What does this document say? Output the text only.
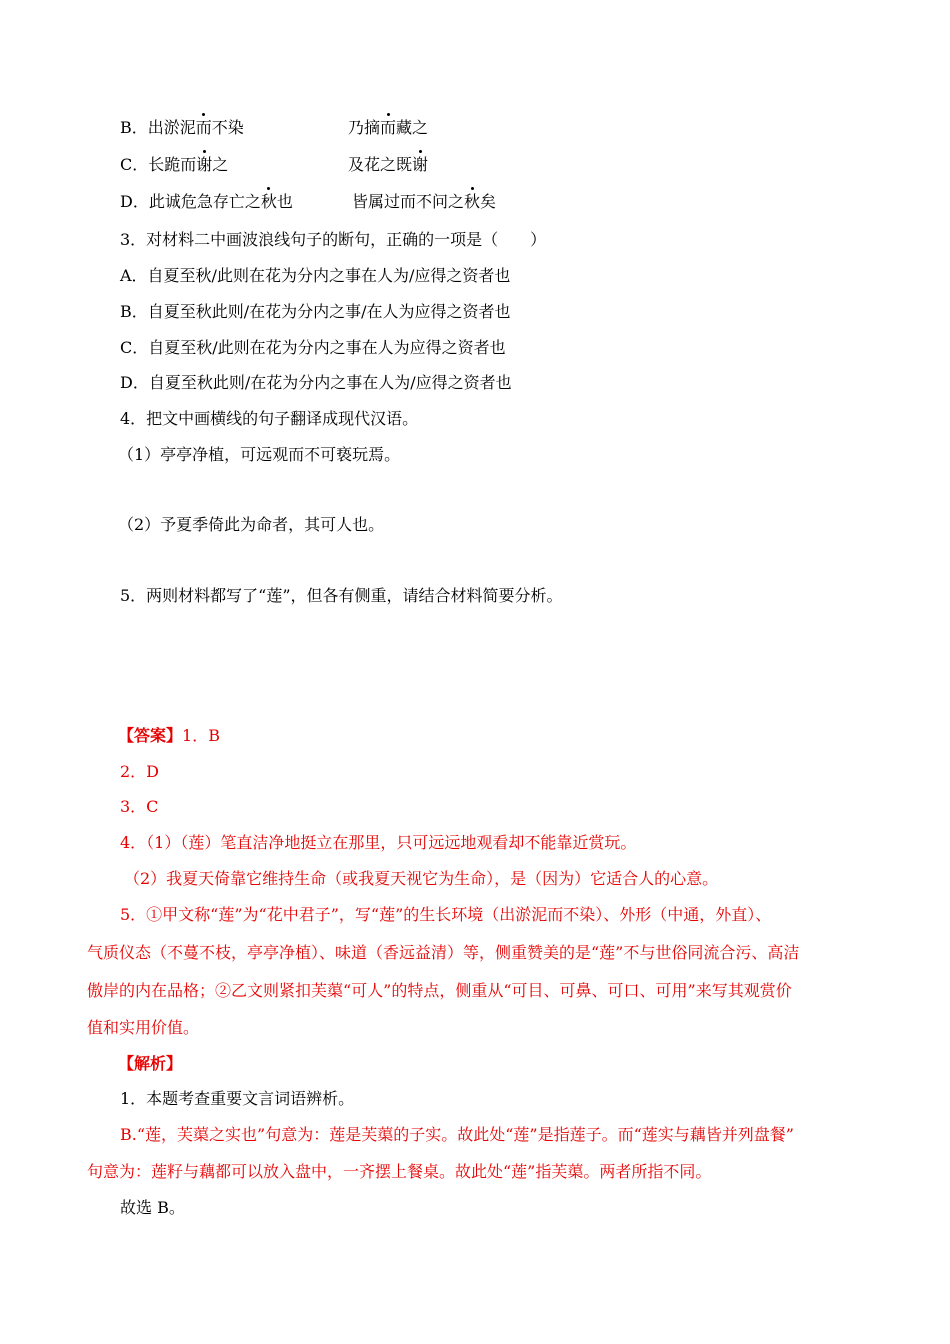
B．出淤泥而不染	乃摘而藏之
C．长跪而谢之	及花之既谢
D．此诚危急存亡之秋也	皆属过而不问之秋矣
3．对材料二中画波浪线句子的断句，正确的一项是（　　）
A．自夏至秋/此则在花为分内之事在人为/应得之资者也
B．自夏至秋此则/在花为分内之事/在人为应得之资者也
C．自夏至秋/此则在花为分内之事在人为应得之资者也
D．自夏至秋此则/在花为分内之事在人为/应得之资者也
4．把文中画横线的句子翻译成现代汉语。
（1）亭亭净植，可远观而不可亵玩焉。
（2）予夏季倚此为命者，其可人也。
5．两则材料都写了“莲”，但各有侧重，请结合材料简要分析。
【答案】1．B
2．D
3．C
4．（1）（莲）笔直洁净地挺立在那里，只可远远地观看却不能靠近赏玩。
（2）我夏天倚靠它维持生命（或我夏天视它为生命），是（因为）它适合人的心意。
5．①甲文称“莲”为“花中君子”，写“莲”的生长环境（出淤泥而不染）、外形（中通，外直）、
气质仪态（不蔓不枝，亭亭净植）、味道（香远益清）等，侧重赞美的是“莲”不与世俗同流合污、高洁
傲岸的内在品格；②乙文则紧扣芙蕖“可人”的特点，侧重从“可目、可鼻、可口、可用”来写其观赏价
值和实用价值。
【解析】
1．本题考查重要文言词语辨析。
B.“莲，芙蕖之实也”句意为：莲是芙蕖的子实。故此处“莲”是指莲子。而“莲实与藕皆并列盘餐”
句意为：莲籽与藕都可以放入盘中，一齐摆上餐桌。故此处“莲”指芙蕖。两者所指不同。
故选 B。
